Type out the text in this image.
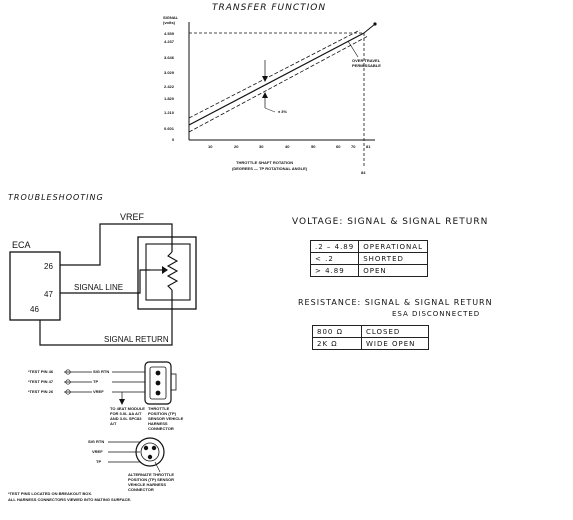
TRANSFER FUNCTION
SIGNAL (volts)
4.539
4.237
3.646
3.029
2.422
1.820
1.210
0.601
0
10	20	30	40	50	60	70	81
THROTTLE SHAFT ROTATION
(DEGREES — TP ROTATIONAL ANGLE)
84
OVER TRAVEL PERMISSABLE
± 3%
TROUBLESHOOTING
VREF
ECA
26
47
46
SIGNAL LINE
SIGNAL RETURN
VOLTAGE: SIGNAL & SIGNAL RETURN
.2 – 4.89	OPERATIONAL
< .2	SHORTED
> 4.89	OPEN
RESISTANCE: SIGNAL & SIGNAL RETURN
ESA DISCONNECTED
800 Ω	CLOSED
2K Ω	WIDE OPEN
*TEST PIN 46
*TEST PIN 47
*TEST PIN 26
SIG RTN
TP
VREF
TO 4EAT MODULE FOR 3.0L AA A/T AND 3.0L SPC83 A/T
THROTTLE POSITION (TP) SENSOR VEHICLE HARNESS CONNECTOR
SIG RTN
VREF
TP
ALTERNATE THROTTLE POSITION (TP) SENSOR VEHICLE HARNESS CONNECTOR
*TEST PINS LOCATED ON BREAKOUT BOX.
ALL HARNESS CONNECTORS VIEWED INTO MATING SURFACE.
